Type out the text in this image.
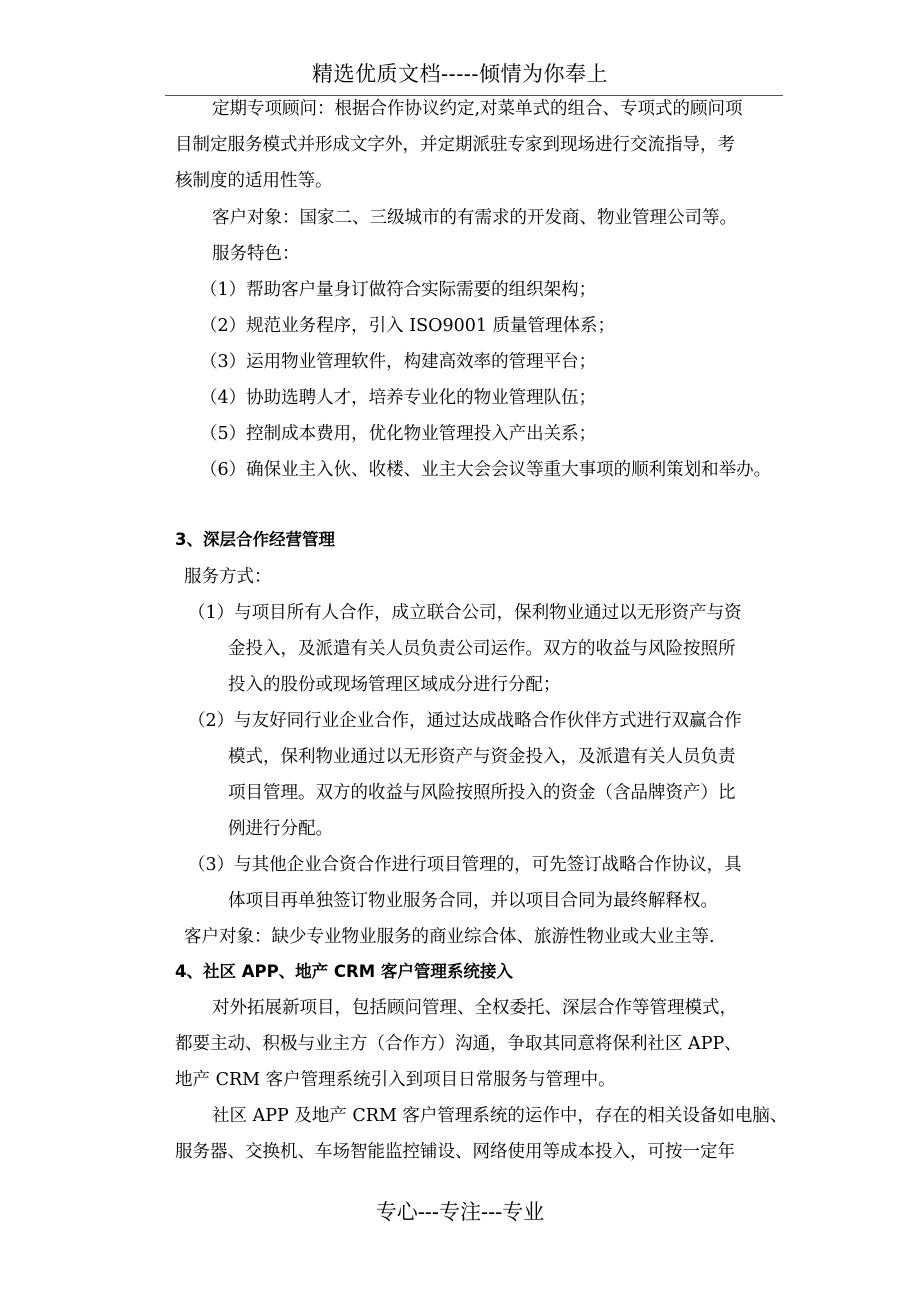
精选优质文档-----倾情为你奉上
定期专项顾问：根据合作协议约定,对菜单式的组合、专项式的顾问项
目制定服务模式并形成文字外，并定期派驻专家到现场进行交流指导，考
核制度的适用性等。
客户对象：国家二、三级城市的有需求的开发商、物业管理公司等。
服务特色：
（1）帮助客户量身订做符合实际需要的组织架构；
（2）规范业务程序，引入 ISO9001 质量管理体系；
（3）运用物业管理软件，构建高效率的管理平台；
（4）协助选聘人才，培养专业化的物业管理队伍；
（5）控制成本费用，优化物业管理投入产出关系；
（6）确保业主入伙、收楼、业主大会会议等重大事项的顺利策划和举办。
3、深层合作经营管理
服务方式：
（1）与项目所有人合作，成立联合公司，保利物业通过以无形资产与资
金投入，及派遣有关人员负责公司运作。双方的收益与风险按照所
投入的股份或现场管理区域成分进行分配；
（2）与友好同行业企业合作，通过达成战略合作伙伴方式进行双赢合作
模式，保利物业通过以无形资产与资金投入，及派遣有关人员负责
项目管理。双方的收益与风险按照所投入的资金（含品牌资产）比
例进行分配。
（3）与其他企业合资合作进行项目管理的，可先签订战略合作协议，具
体项目再单独签订物业服务合同，并以项目合同为最终解释权。
客户对象：缺少专业物业服务的商业综合体、旅游性物业或大业主等.
4、社区 APP、地产 CRM 客户管理系统接入
对外拓展新项目，包括顾问管理、全权委托、深层合作等管理模式，
都要主动、积极与业主方（合作方）沟通，争取其同意将保利社区 APP、
地产 CRM 客户管理系统引入到项目日常服务与管理中。
社区 APP 及地产 CRM 客户管理系统的运作中，存在的相关设备如电脑、
服务器、交换机、车场智能监控铺设、网络使用等成本投入，可按一定年
专心---专注---专业
